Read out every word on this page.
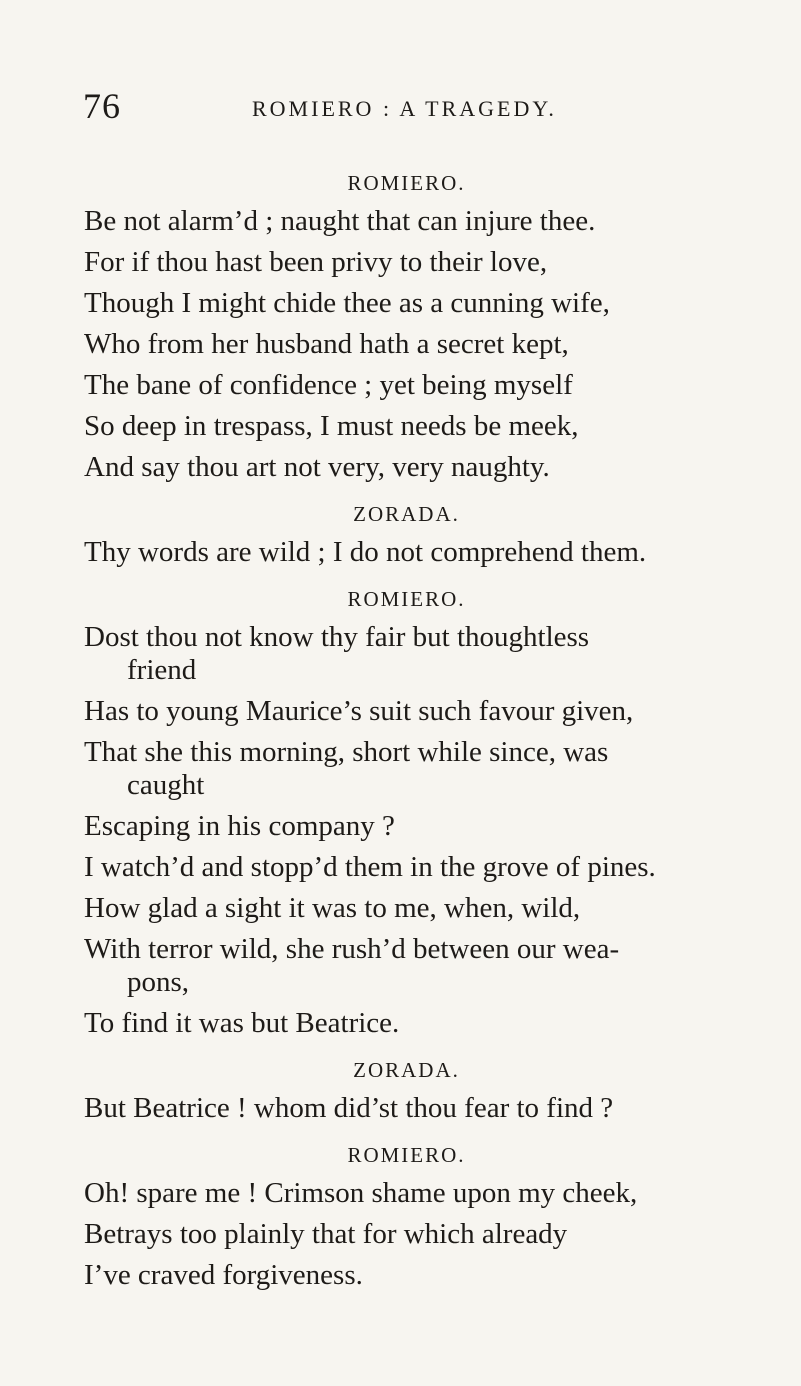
76	ROMIERO : A TRAGEDY.

ROMIERO.

Be not alarm’d ; naught that can injure thee.

For if thou hast been privy to their love,

Though I might chide thee as a cunning wife,

Who from her husband hath a secret kept,

The bane of confidence ; yet being myself

So deep in trespass, I must needs be meek,

And say thou art not very, very naughty.

ZORADA.

Thy words are wild ; I do not comprehend them.

ROMIERO.

Dost thou not know thy fair but thoughtless

friend

Has to young Maurice’s suit such favour given,

That she this morning, short while since, was

caught

Escaping in his company ?

I watch’d and stopp’d them in the grove of pines.

How glad a sight it was to me, when, wild,

With terror wild, she rush’d between our wea-

pons,

To find it was but Beatrice.

ZORADA.

But Beatrice ! whom did’st thou fear to find ?

ROMIERO.

Oh! spare me ! Crimson shame upon my cheek,

Betrays too plainly that for which already

I’ve craved forgiveness.
